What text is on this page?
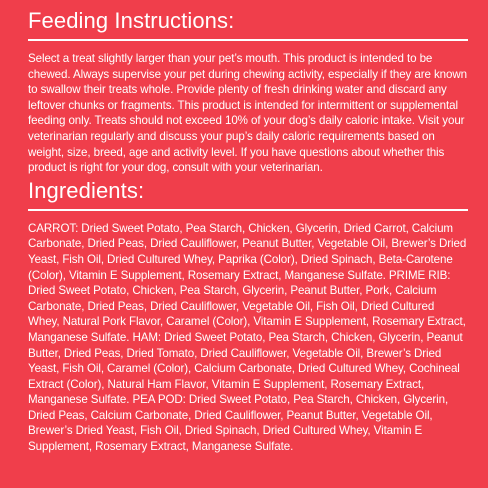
Feeding Instructions:

Select a treat slightly larger than your pet’s mouth. This product is intended to be chewed. Always supervise your pet during chewing activity, especially if they are known to swallow their treats whole. Provide plenty of fresh drinking water and discard any leftover chunks or fragments. This product is intended for intermittent or supplemental feeding only. Treats should not exceed 10% of your dog’s daily caloric intake. Visit your veterinarian regularly and discuss your pup’s daily caloric requirements based on weight, size, breed, age and activity level. If you have questions about whether this product is right for your dog, consult with your veterinarian.

Ingredients:

CARROT: Dried Sweet Potato, Pea Starch, Chicken, Glycerin, Dried Carrot, Calcium Carbonate, Dried Peas, Dried Cauliflower, Peanut Butter, Vegetable Oil, Brewer’s Dried Yeast, Fish Oil, Dried Cultured Whey, Paprika (Color), Dried Spinach, Beta-Carotene (Color), Vitamin E Supplement, Rosemary Extract, Manganese Sulfate. PRIME RIB: Dried Sweet Potato, Chicken, Pea Starch, Glycerin, Peanut Butter, Pork, Calcium Carbonate, Dried Peas, Dried Cauliflower, Vegetable Oil, Fish Oil, Dried Cultured Whey, Natural Pork Flavor, Caramel (Color), Vitamin E Supplement, Rosemary Extract, Manganese Sulfate. HAM: Dried Sweet Potato, Pea Starch, Chicken, Glycerin, Peanut Butter, Dried Peas, Dried Tomato, Dried Cauliflower, Vegetable Oil, Brewer’s Dried Yeast, Fish Oil, Caramel (Color), Calcium Carbonate, Dried Cultured Whey, Cochineal Extract (Color), Natural Ham Flavor, Vitamin E Supplement, Rosemary Extract, Manganese Sulfate. PEA POD: Dried Sweet Potato, Pea Starch, Chicken, Glycerin, Dried Peas, Calcium Carbonate, Dried Cauliflower, Peanut Butter, Vegetable Oil, Brewer’s Dried Yeast, Fish Oil, Dried Spinach, Dried Cultured Whey, Vitamin E Supplement, Rosemary Extract, Manganese Sulfate.
